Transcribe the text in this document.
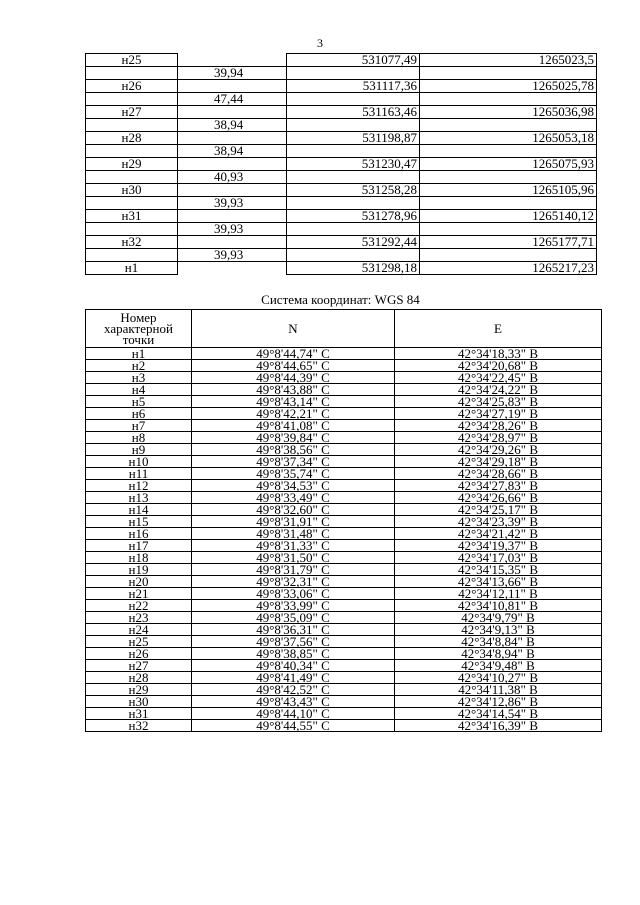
3
н25		531077,49	1265023,5
	39,94		
н26		531117,36	1265025,78
	47,44		
н27		531163,46	1265036,98
	38,94		
н28		531198,87	1265053,18
	38,94		
н29		531230,47	1265075,93
	40,93		
н30		531258,28	1265105,96
	39,93		
н31		531278,96	1265140,12
	39,93		
н32		531292,44	1265177,71
	39,93		
н1		531298,18	1265217,23
Система координат: WGS 84
Номер характерной точки	N	E
н1	49°8'44,74" С	42°34'18,33" В
н2	49°8'44,65" С	42°34'20,68" В
н3	49°8'44,39" С	42°34'22,45" В
н4	49°8'43,88" С	42°34'24,22" В
н5	49°8'43,14" С	42°34'25,83" В
н6	49°8'42,21" С	42°34'27,19" В
н7	49°8'41,08" С	42°34'28,26" В
н8	49°8'39,84" С	42°34'28,97" В
н9	49°8'38,56" С	42°34'29,26" В
н10	49°8'37,34" С	42°34'29,18" В
н11	49°8'35,74" С	42°34'28,66" В
н12	49°8'34,53" С	42°34'27,83" В
н13	49°8'33,49" С	42°34'26,66" В
н14	49°8'32,60" С	42°34'25,17" В
н15	49°8'31,91" С	42°34'23,39" В
н16	49°8'31,48" С	42°34'21,42" В
н17	49°8'31,33" С	42°34'19,37" В
н18	49°8'31,50" С	42°34'17,03" В
н19	49°8'31,79" С	42°34'15,35" В
н20	49°8'32,31" С	42°34'13,66" В
н21	49°8'33,06" С	42°34'12,11" В
н22	49°8'33,99" С	42°34'10,81" В
н23	49°8'35,09" С	42°34'9,79" В
н24	49°8'36,31" С	42°34'9,13" В
н25	49°8'37,56" С	42°34'8,84" В
н26	49°8'38,85" С	42°34'8,94" В
н27	49°8'40,34" С	42°34'9,48" В
н28	49°8'41,49" С	42°34'10,27" В
н29	49°8'42,52" С	42°34'11,38" В
н30	49°8'43,43" С	42°34'12,86" В
н31	49°8'44,10" С	42°34'14,54" В
н32	49°8'44,55" С	42°34'16,39" В
